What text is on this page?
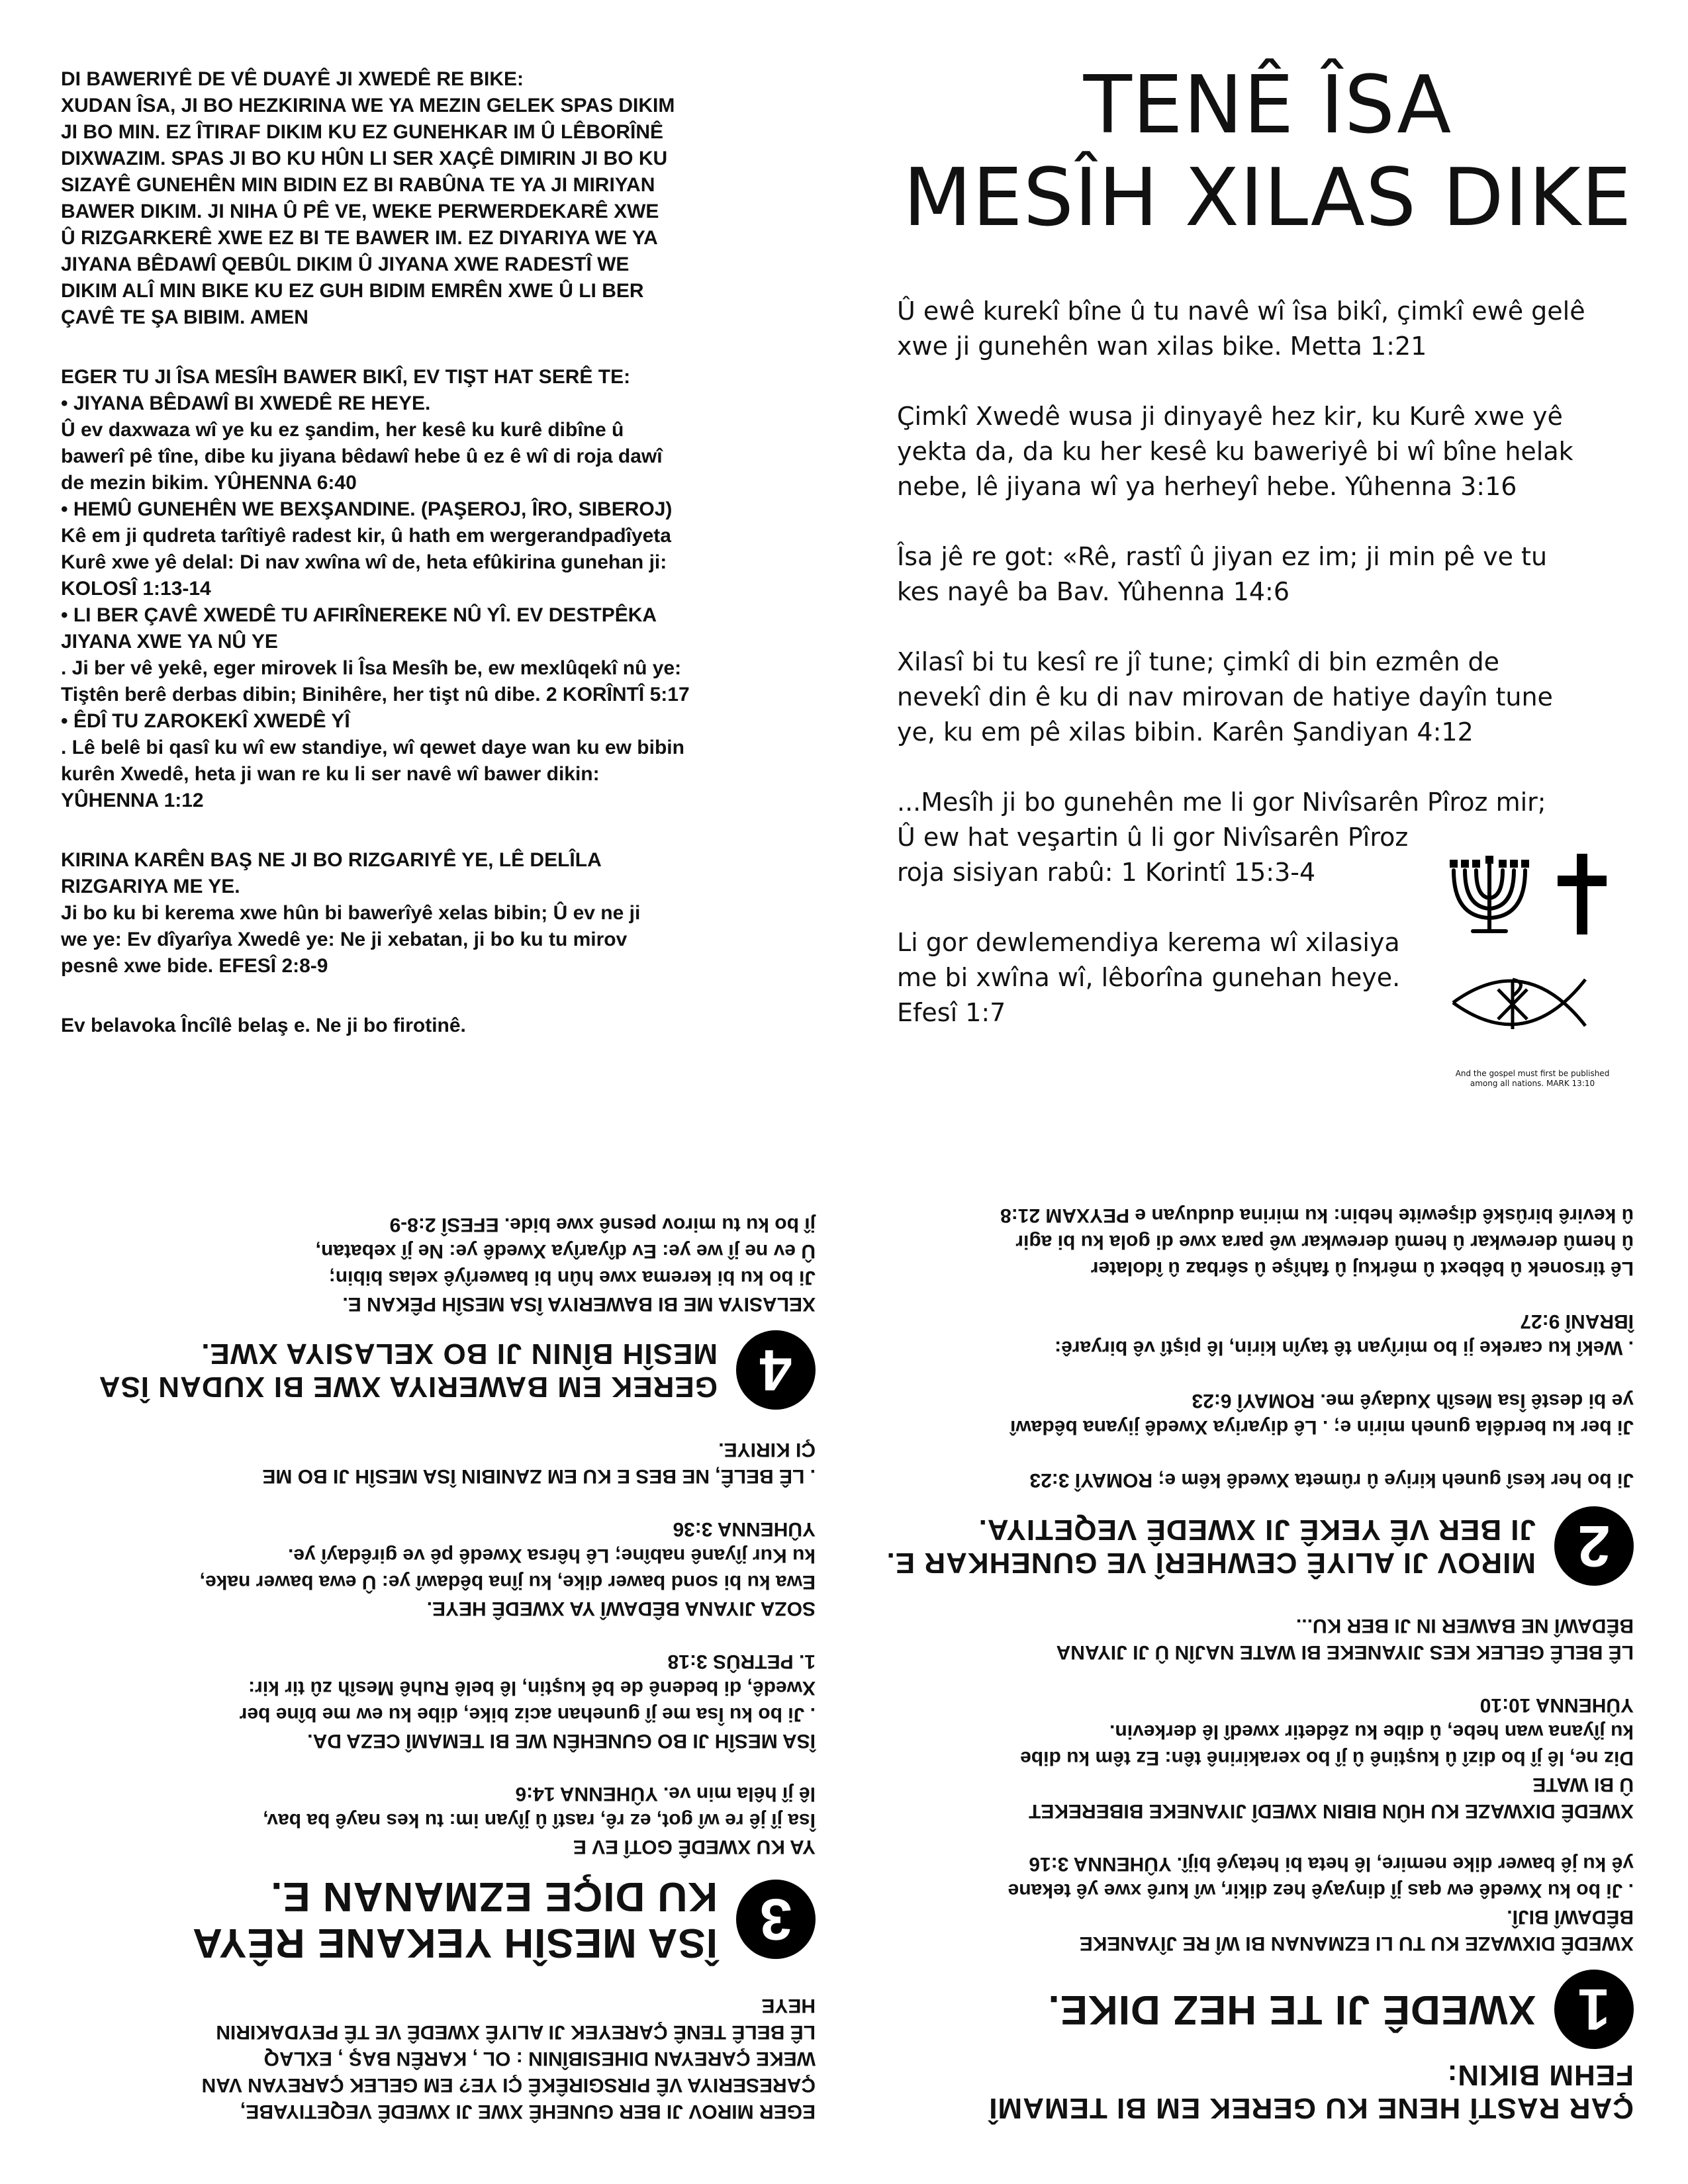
DI BAWERIYÊ DE VÊ DUAYÊ JI XWEDÊ RE BIKE:
XUDAN ÎSA, JI BO HEZKIRINA WE YA MEZIN GELEK SPAS DIKIM
JI BO MIN. EZ ÎTIRAF DIKIM KU EZ GUNEHKAR IM Û LÊBORÎNÊ
DIXWAZIM. SPAS JI BO KU HÛN LI SER XAÇÊ DIMIRIN JI BO KU
SIZAYÊ GUNEHÊN MIN BIDIN EZ BI RABÛNA TE YA JI MIRIYAN
BAWER DIKIM. JI NIHA Û PÊ VE, WEKE PERWERDEKARÊ XWE
Û RIZGARKERÊ XWE EZ BI TE BAWER IM. EZ DIYARIYA WE YA
JIYANA BÊDAWÎ QEBÛL DIKIM Û JIYANA XWE RADESTÎ WE
DIKIM ALÎ MIN BIKE KU EZ GUH BIDIM EMRÊN XWE Û LI BER
ÇAVÊ TE ŞA BIBIM. AMEN
EGER TU JI ÎSA MESÎH BAWER BIKÎ, EV TIŞT HAT SERÊ TE:
• JIYANA BÊDAWÎ BI XWEDÊ RE HEYE.
Û ev daxwaza wî ye ku ez şandim, her kesê ku kurê dibîne û
bawerî pê tîne, dibe ku jiyana bêdawî hebe û ez ê wî di roja dawî
de mezin bikim. YÛHENNA 6:40
• HEMÛ GUNEHÊN WE BEXŞANDINE. (PAŞEROJ, ÎRO, SIBEROJ)
Kê em ji qudreta tarîtiyê radest kir, û hath em wergerandpadîyeta
Kurê xwe yê delal: Di nav xwîna wî de, heta efûkirina gunehan ji:
KOLOSÎ 1:13-14
• LI BER ÇAVÊ XWEDÊ TU AFIRÎNEREKE NÛ YÎ. EV DESTPÊKA
JIYANA XWE YA NÛ YE
. Ji ber vê yekê, eger mirovek li Îsa Mesîh be, ew mexlûqekî nû ye:
Tiştên berê derbas dibin; Binihêre, her tişt nû dibe. 2 KORÎNTÎ 5:17
• ÊDÎ TU ZAROKEKÎ XWEDÊ YÎ
. Lê belê bi qasî ku wî ew standiye, wî qewet daye wan ku ew bibin
kurên Xwedê, heta ji wan re ku li ser navê wî bawer dikin:
YÛHENNA 1:12
KIRINA KARÊN BAŞ NE JI BO RIZGARIYÊ YE, LÊ DELÎLA
RIZGARIYA ME YE.
Ji bo ku bi kerema xwe hûn bi bawerîyê xelas bibin; Û ev ne ji
we ye: Ev dîyarîya Xwedê ye: Ne ji xebatan, ji bo ku tu mirov
pesnê xwe bide. EFESÎ 2:8-9
Ev belavoka Încîlê belaş e. Ne ji bo firotinê.
TENÊ ÎSA
MESÎH XILAS DIKE
Û ewê kurekî bîne û tu navê wî îsa bikî, çimkî ewê gelê
xwe ji gunehên wan xilas bike. Metta 1:21
Çimkî Xwedê wusa ji dinyayê hez kir, ku Kurê xwe yê
yekta da, da ku her kesê ku baweriyê bi wî bîne helak
nebe, lê jiyana wî ya herheyî hebe. Yûhenna 3:16
Îsa jê re got: «Rê, rastî û jiyan ez im; ji min pê ve tu
kes nayê ba Bav. Yûhenna 14:6
Xilasî bi tu kesî re jî tune; çimkî di bin ezmên de
nevekî din ê ku di nav mirovan de hatiye dayîn tune
ye, ku em pê xilas bibin. Karên Şandiyan 4:12
...Mesîh ji bo gunehên me li gor Nivîsarên Pîroz mir;
Û ew hat veşartin û li gor Nivîsarên Pîroz
roja sisiyan rabû: 1 Korintî 15:3-4
Li gor dewlemendiya kerema wî xilasiya
me bi xwîna wî, lêborîna gunehan heye.
Efesî 1:7
And the gospel must first be published
among all nations. MARK 13:10
EGER MIROV JI BER GUNEHÊ XWE JI XWEDÊ VEQETIYABE,
ÇARESERIYA VÊ PIRSGIRÊKÊ ÇI YE? EM GELEK ÇAREYAN VAN
WEKE ÇAREYAN DIHESIBÎNIN : OL , KARÊN BAŞ , EXLAQ
LÊ BELÊ TENÊ ÇAREYEK JI ALIYÊ XWEDÊ VE TÊ PEYDAKIRIN
HEYE
3
ÎSA MESÎH YEKANE RÊYA
KU DIÇE EZMANAN E.
YA KU XWEDÊ GOTÎ EV E
Îsa jî jê re wî got, ez rê, rastî û jîyan im: tu kes nayê ba bav,
lê jî hêla min ve. YÛHENNA 14:6
ÎSA MESÎH JI BO GUNEHÊN WE BI TEMAMÎ CEZA DA.
. Ji bo ku Îsa me jî gunehan aciz bike, dibe ku ew me bîne ber
Xwedê, di bedenê de bê kuştin, lê belê Ruhê Mesîh zû tir kir:
1. PETRÛS 3:18
SOZA JIYANA BÊDAWÎ YA XWEDÊ HEYE.
Ewa ku bi sond bawer dike, ku jîna bêdawî ye: Û ewa bawer nake,
ku Kur jîyanê nabîne; Lê hêrsa Xwedê pê ve girêdayî ye.
YÛHENNA 3:36
. LÊ BELÊ, NE BES E KU EM ZANIBIN ÎSA MESÎH JI BO ME
ÇI KIRIYE.
4
GEREK EM BAWERIYA XWE BI XUDAN ÎSA
MESÎH BÎNIN JI BO XELASIYA XWE.
XELASIYA ME BI BAWERIYA ÎSA MESÎH PÊKAN E.
Ji bo ku bi kerema xwe hûn bi bawerîyê xelas bibin;
Û ev ne jî we ye: Ev dîyarîya Xwedê ye: Ne jî xebatan,
jî bo ku tu mirov pesnê xwe bide. EFESÎ 2:8-9
ÇAR RASTÎ HENE KU GEREK EM BI TEMAMÎ
FEHM BIKIN:
1
XWEDÊ JI TE HEZ DIKE.
XWEDÊ DIXWAZE KU TU LI EZMANAN BI WÎ RE JÎYANEKE
BÊDAWÎ BIJÎ.
. Ji bo ku Xwedê ew qas jî dinyayê hez dikir, wî kurê xwe yê tekane
yê ku jê bawer dike nemire, lê heta bi hetayê bijî. YÛHENNA 3:16
XWEDÊ DIXWAZE KU HÛN BIBIN XWEDÎ JIYANEKE BIBEREKET
Û BI WATE
Diz ne, lê jî bo dizî û kuştinê û jî bo xerakirinê tên: Ez têm ku dibe
ku jîyana wan hebe, û dibe ku zêdetir xwedî lê derkevin.
YÛHENNA 10:10
LÊ BELÊ GELEK KES JIYANEKE BI WATE NAJÎN Û JI JIYANA
BÊDAWÎ NE BAWER IN JI BER KU...
2
MIROV JI ALIYÊ CEWHERÎ VE GUNEHKAR E.
JI BER VÊ YEKÊ JI XWEDÊ VEQETIYA.
Ji bo her kesî guneh kiriye û rûmeta Xwedê kêm e; ROMAYÎ 3:23
Ji ber ku berdêla guneh mirin e; . Lê diyariya Xwedê jiyana bêdawî
ye bi destê Îsa Mesîh Xudayê me. ROMAYÎ 6:23
. Wekî ku careke ji bo mirîyan tê tayîn kirin, lê piştî vê biryarê:
ÎBRANÎ 9:27
Lê tirsonek û bêbext û mêrkuj û fahîşe û sêrbaz û îdolater
û hemû derewkar û hemû derewkar wê para xwe di gola ku bi agir
û kevirê birûskê dişewite hebin: ku mirina duduyan e PEYXAM 21:8
